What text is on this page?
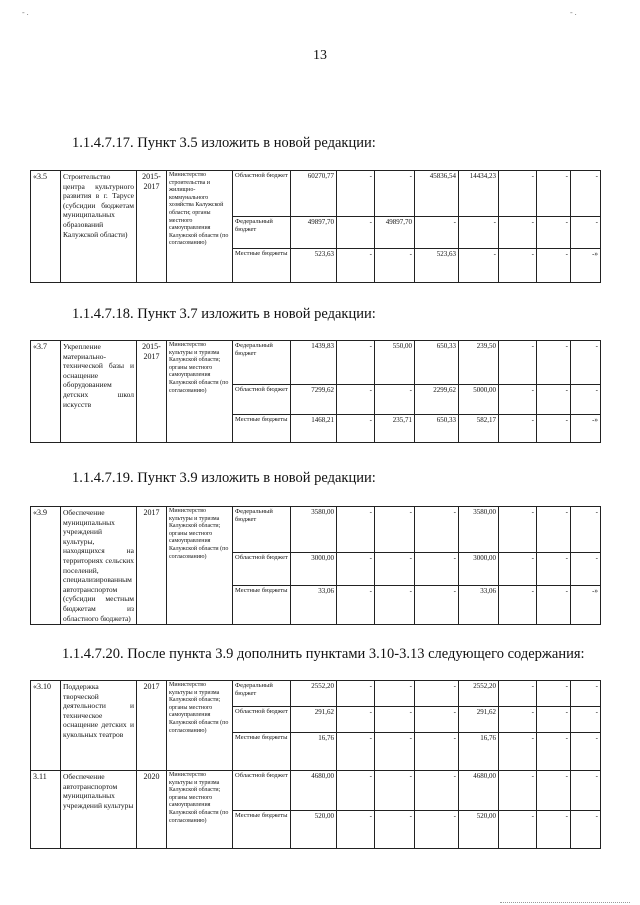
- .	- .
13
1.1.4.7.17. Пункт 3.5 изложить в новой редакции:
«3.5	Строительство центра культурного развития в г. Тарусе (субсидии бюджетам муниципальных образований Калужской области)	2015-2017	Министерство строительства и жилищно-коммунального хозяйства Калужской области; органы местного самоуправления Калужской области (по согласованию)	Областной бюджет	60270,77	-	-	45836,54	14434,23	-	-	-
				Федеральный бюджет	49897,70	-	49897,70	-	-	-	-	-
				Местные бюджеты	523,63	-	-	523,63	-	-	-	-»
1.1.4.7.18. Пункт 3.7 изложить в новой редакции:
«3.7	Укрепление материально-технической базы и оснащение оборудованием детских школ искусств	2015-2017	Министерство культуры и туризма Калужской области; органы местного самоуправления Калужской области (по согласованию)	Федеральный бюджет	1439,83	-	550,00	650,33	239,50	-	-	-
				Областной бюджет	7299,62	-	-	2299,62	5000,00	-	-	-
				Местные бюджеты	1468,21	-	235,71	650,33	582,17	-	-	-»
1.1.4.7.19. Пункт 3.9 изложить в новой редакции:
«3.9	Обеспечение муниципальных учреждений культуры, находящихся на территориях сельских поселений, специализированным автотранспортом (субсидии местным бюджетам из областного бюджета)	2017	Министерство культуры и туризма Калужской области; органы местного самоуправления Калужской области (по согласованию)	Федеральный бюджет	3580,00	-	-	-	3580,00	-	-	-
				Областной бюджет	3000,00	-	-	-	3000,00	-	-	-
				Местные бюджеты	33,06	-	-	-	33,06	-	-	-»
1.1.4.7.20. После пункта 3.9 дополнить пунктами 3.10-3.13 следующего содержания:
«3.10	Поддержка творческой деятельности и техническое оснащение детских и кукольных театров	2017	Министерство культуры и туризма Калужской области; органы местного самоуправления Калужской области (по согласованию)	Федеральный бюджет	2552,20	-	-	-	2552,20	-	-	-
				Областной бюджет	291,62	-	-	-	291,62	-	-	-
				Местные бюджеты	16,76	-	-	-	16,76	-	-	-
3.11	Обеспечение автотранспортом муниципальных учреждений культуры	2020	Министерство культуры и туризма Калужской области; органы местного самоуправления Калужской области (по согласованию)	Областной бюджет	4680,00	-	-	-	4680,00	-	-	-
				Местные бюджеты	520,00	-	-	-	520,00	-	-	-
